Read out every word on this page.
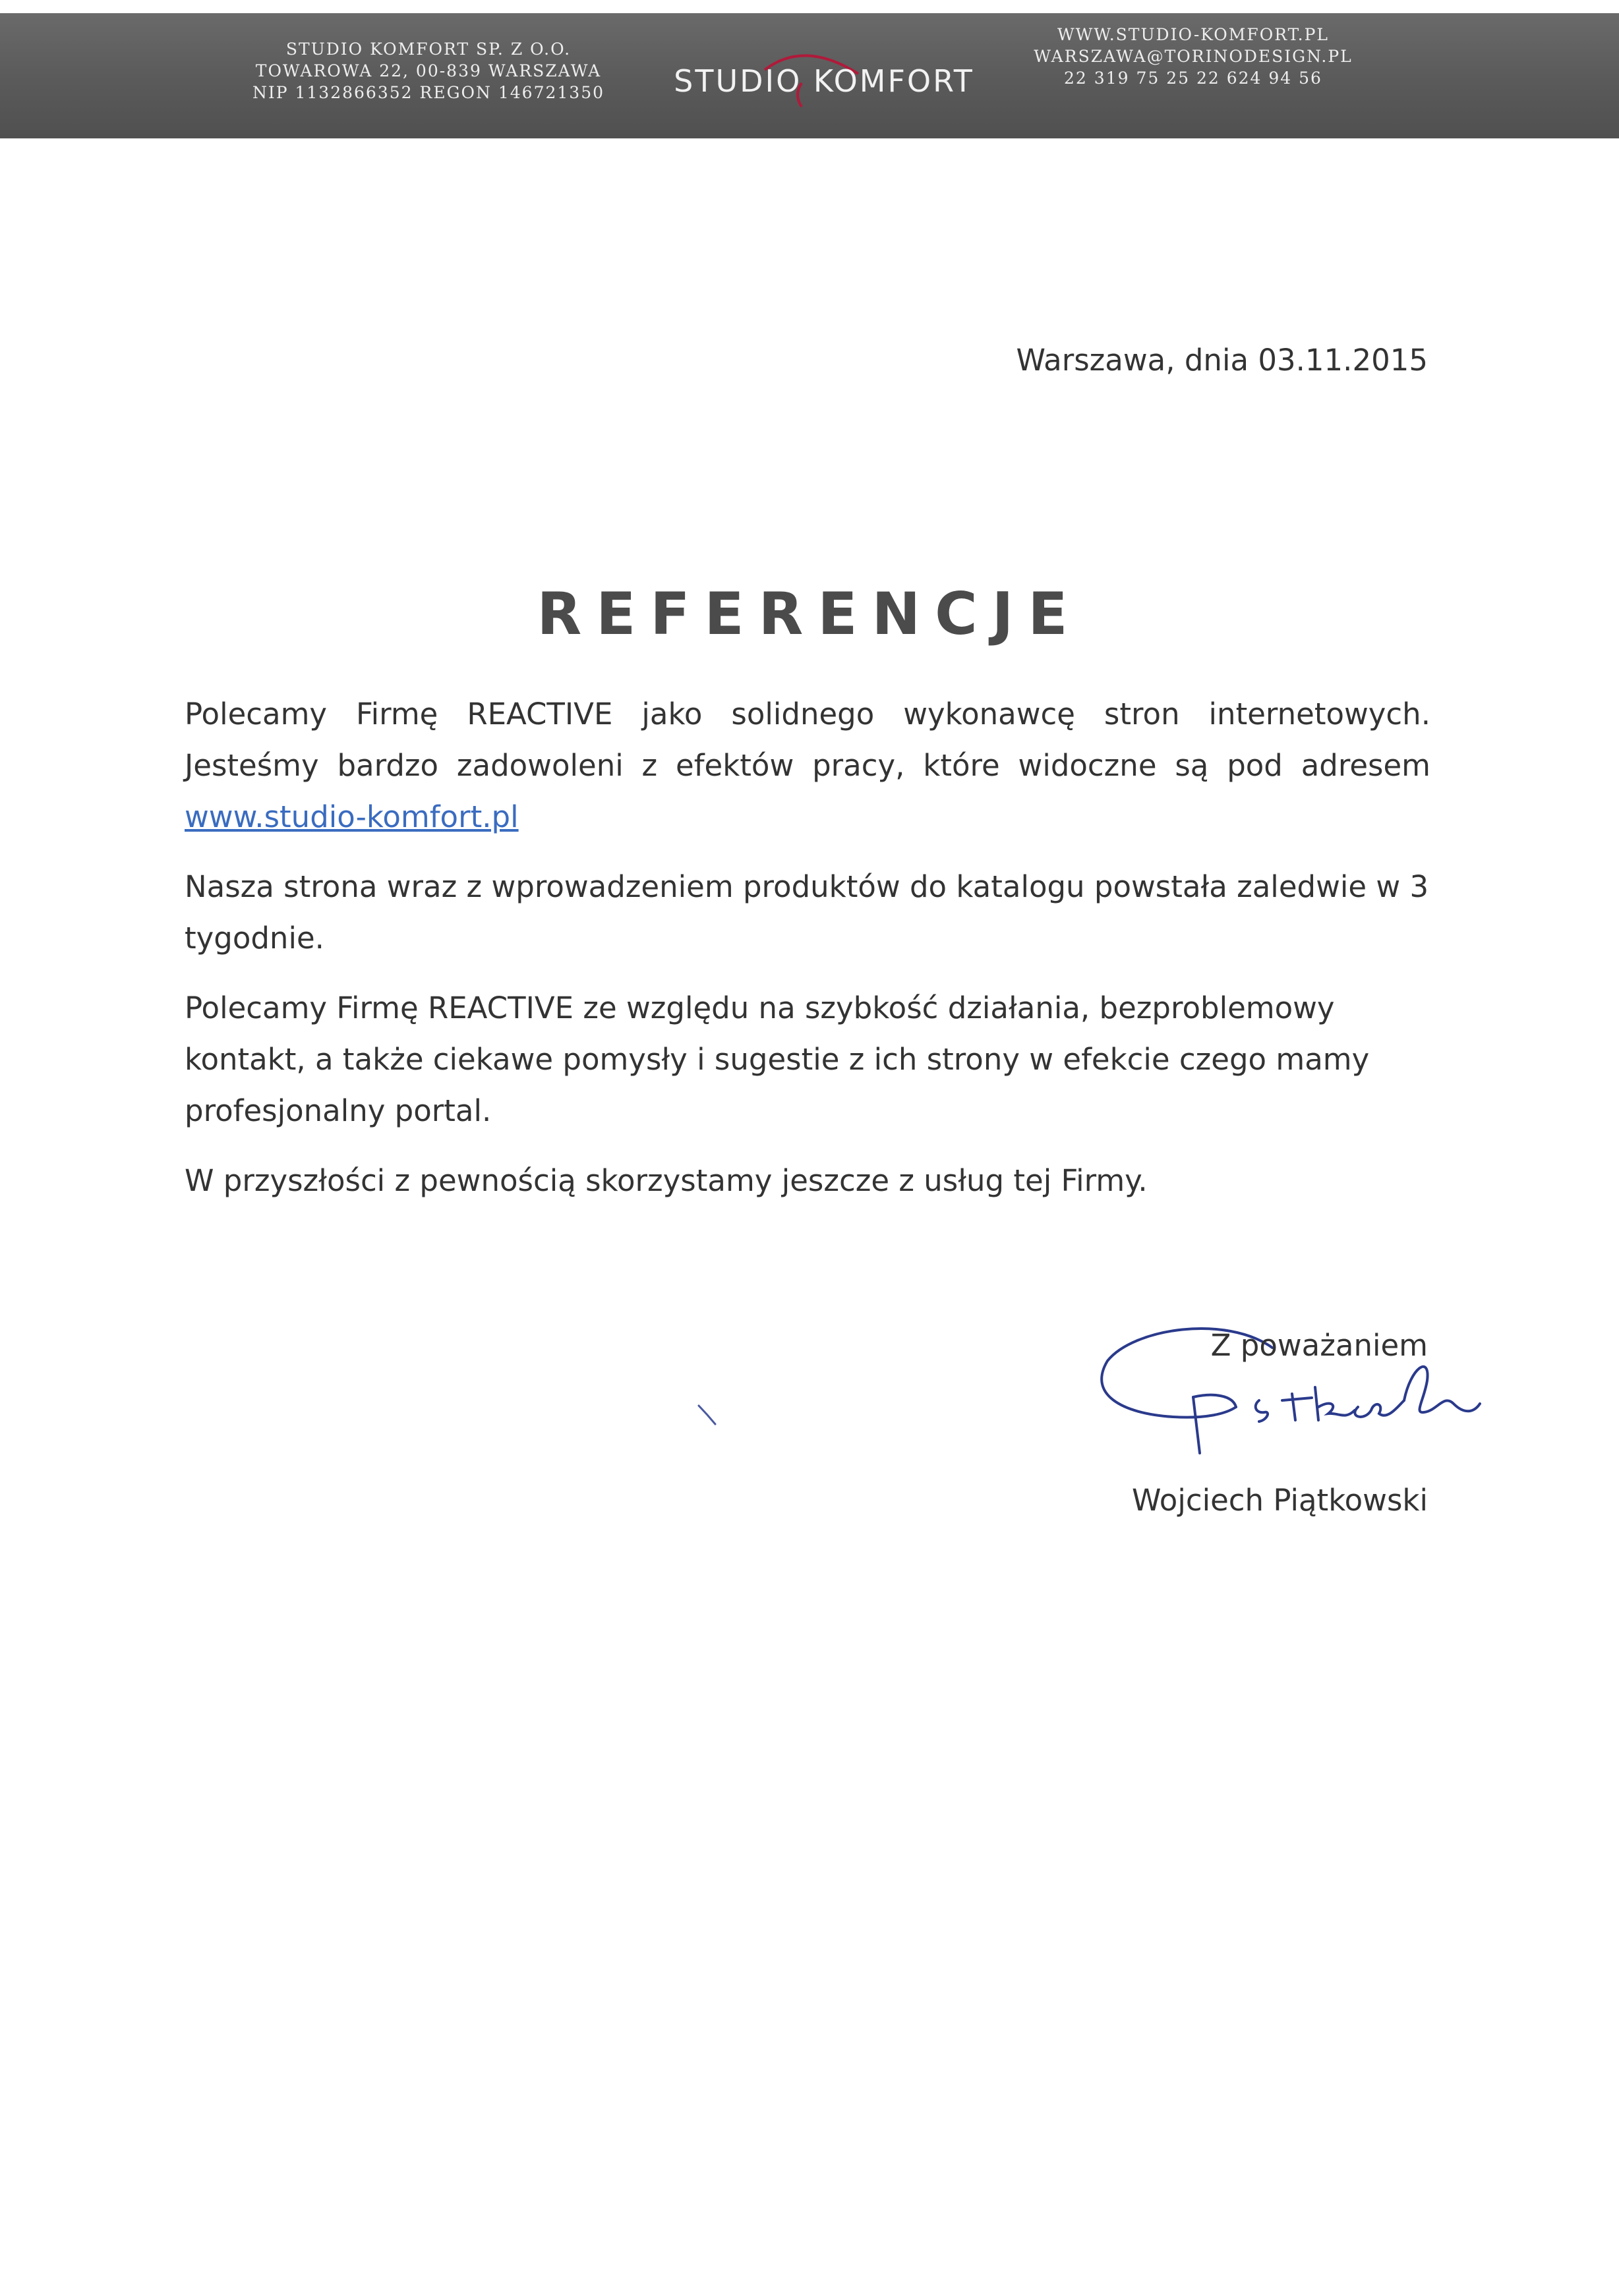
STUDIO KOMFORT SP. Z O.O.
TOWAROWA 22, 00-839 WARSZAWA
NIP 1132866352 REGON 146721350	STUDIO KOMFORT
WWW.STUDIO-KOMFORT.PL
WARSZAWA@TORINODESIGN.PL
22 319 75 25 22 624 94 56
Warszawa, dnia 03.11.2015
REFERENCJE

Polecamy Firmę REACTIVE jako solidnego wykonawcę stron internetowych. Jesteśmy bardzo zadowoleni z efektów pracy, które widoczne są pod adresem www.studio-komfort.pl

Nasza strona wraz z wprowadzeniem produktów do katalogu powstała zaledwie w 3 tygodnie.

Polecamy Firmę REACTIVE ze względu na szybkość działania, bezproblemowy kontakt, a także ciekawe pomysły i sugestie z ich strony w efekcie czego mamy profesjonalny portal.

W przyszłości z pewnością skorzystamy jeszcze z usług tej Firmy.

Z poważaniem
Wojciech Piątkowski
